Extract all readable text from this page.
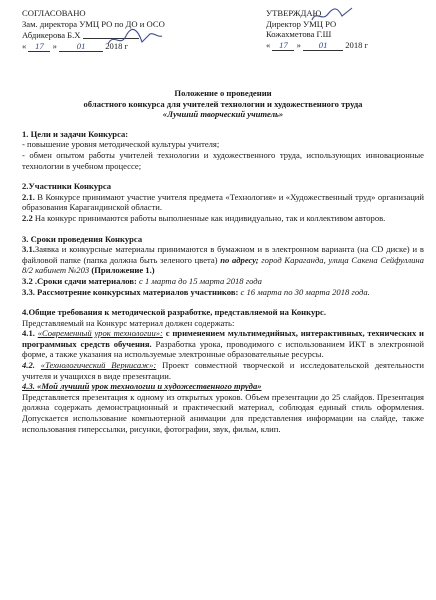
СОГЛАСОВАНО
Зам. директора УМЦ РО по ДО и ОСО
Абдикерова Б.Х
« 17 » 01 2018 г
УТВЕРЖДАЮ
Директор УМЦ РО
Кожахметова Г.Ш
« 17 » 01 2018 г
Положение о проведении
областного конкурса для учителей технологии и художественного труда
«Лучший творческий учитель»
1. Цели и задачи Конкурса:

- повышение уровня методической культуры учителя;

- обмен опытом работы учителей технологии и художественного труда, использующих инновационные технологии в учебном процессе;

2.Участники Конкурса

2.1. В Конкурсе принимают участие учителя предмета «Технология» и «Художественный труд» организаций образования Карагандинской области.

2.2 На конкурс принимаются работы выполненные как индивидуально, так и коллективом авторов.

3. Сроки проведения Конкурса

3.1.Заявка и конкурсные материалы принимаются в бумажном и в электронном варианта (на CD диске) и в файловой папке (папка должна быть зеленого цвета) по адресу; город Караганда, улица Сакена Сейфуллина 8/2 кабинет №203 (Приложение 1.)

3.2 .Сроки сдачи материалов: с 1 марта до 15 марта 2018 года

3.3. Рассмотрение конкурсных материалов участников: с 16 марта по 30 марта 2018 года.

4.Общие требования к методической разработке, представляемой на Конкурс.

Представляемый на Конкурс материал должен содержать:

4.1. «Современный урок технологии»: с применением мультимедийных, интерактивных, технических и программных средств обучения. Разработка урока, проводимого с использованием ИКТ в электронной форме, а также указания на используемые электронные образовательные ресурсы.

4.2. «Технологический Вернисаж»: Проект совместной творческой и исследовательской деятельности учителя и учащихся в виде презентации.

4.3. «Мой лучший урок технологии и художественного труда»

Представляется презентация к одному из открытых уроков. Объем презентации до 25 слайдов. Презентация должна содержать демонстрационный и практический материал, соблюдая единый стиль оформления. Допускается использование компьютерной анимации для представления информации на слайде, также использования гиперссылки, рисунки, фотографии, звук, фильм, клип.
